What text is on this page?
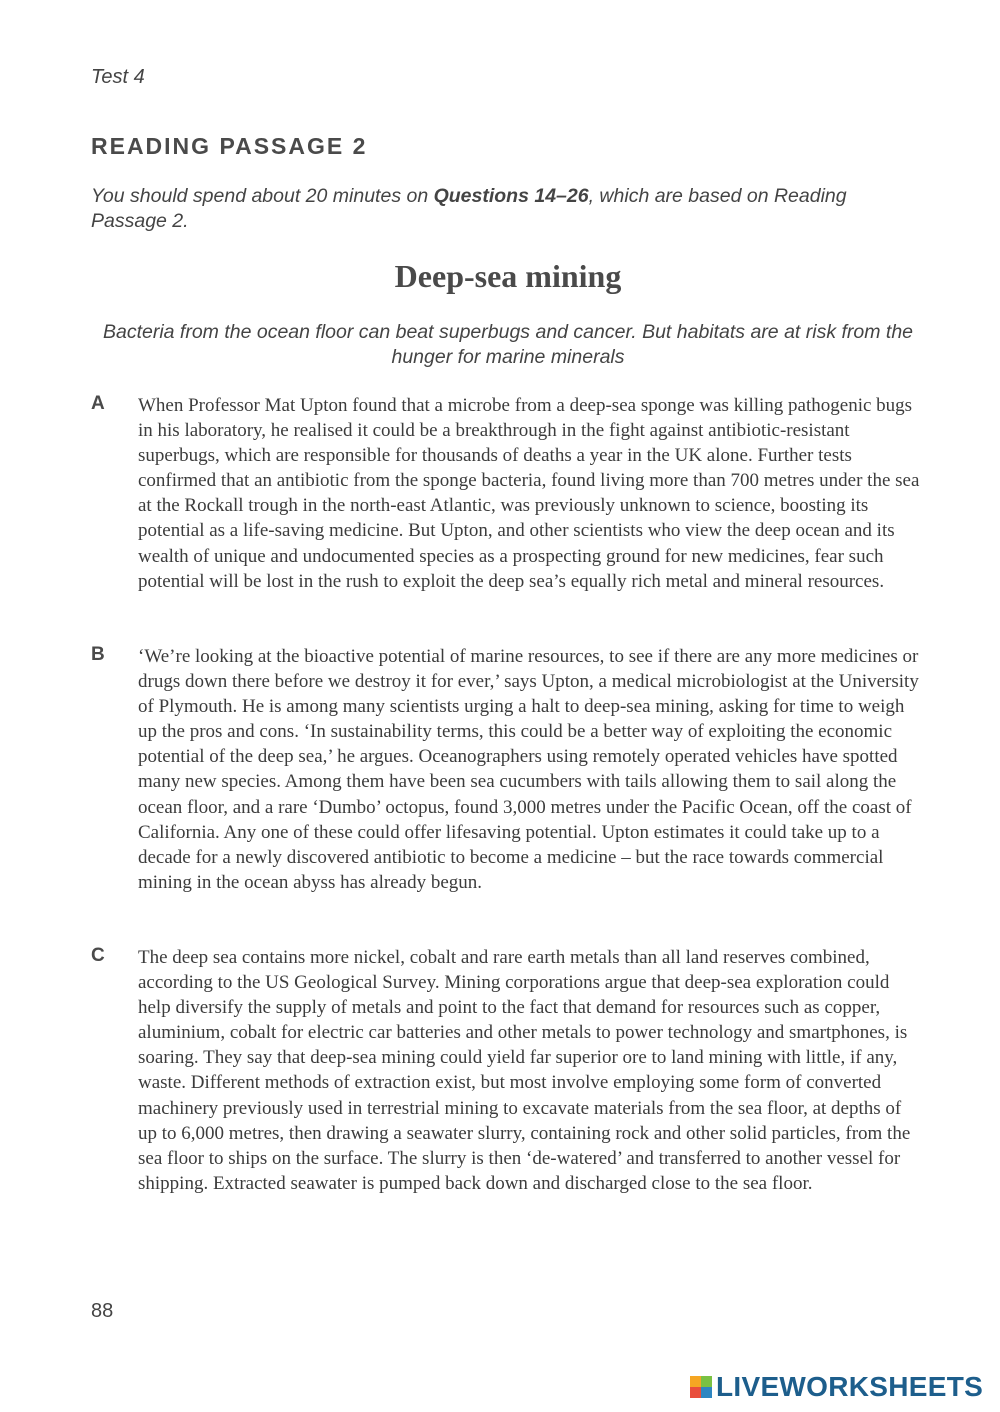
Test 4
READING PASSAGE 2
You should spend about 20 minutes on Questions 14–26, which are based on Reading Passage 2.
Deep-sea mining
Bacteria from the ocean floor can beat superbugs and cancer. But habitats are at risk from the hunger for marine minerals
A When Professor Mat Upton found that a microbe from a deep-sea sponge was killing pathogenic bugs in his laboratory, he realised it could be a breakthrough in the fight against antibiotic-resistant superbugs, which are responsible for thousands of deaths a year in the UK alone. Further tests confirmed that an antibiotic from the sponge bacteria, found living more than 700 metres under the sea at the Rockall trough in the north-east Atlantic, was previously unknown to science, boosting its potential as a life-saving medicine. But Upton, and other scientists who view the deep ocean and its wealth of unique and undocumented species as a prospecting ground for new medicines, fear such potential will be lost in the rush to exploit the deep sea’s equally rich metal and mineral resources.
B ‘We’re looking at the bioactive potential of marine resources, to see if there are any more medicines or drugs down there before we destroy it for ever,’ says Upton, a medical microbiologist at the University of Plymouth. He is among many scientists urging a halt to deep-sea mining, asking for time to weigh up the pros and cons. ‘In sustainability terms, this could be a better way of exploiting the economic potential of the deep sea,’ he argues. Oceanographers using remotely operated vehicles have spotted many new species. Among them have been sea cucumbers with tails allowing them to sail along the ocean floor, and a rare ‘Dumbo’ octopus, found 3,000 metres under the Pacific Ocean, off the coast of California. Any one of these could offer lifesaving potential. Upton estimates it could take up to a decade for a newly discovered antibiotic to become a medicine – but the race towards commercial mining in the ocean abyss has already begun.
C The deep sea contains more nickel, cobalt and rare earth metals than all land reserves combined, according to the US Geological Survey. Mining corporations argue that deep-sea exploration could help diversify the supply of metals and point to the fact that demand for resources such as copper, aluminium, cobalt for electric car batteries and other metals to power technology and smartphones, is soaring. They say that deep-sea mining could yield far superior ore to land mining with little, if any, waste. Different methods of extraction exist, but most involve employing some form of converted machinery previously used in terrestrial mining to excavate materials from the sea floor, at depths of up to 6,000 metres, then drawing a seawater slurry, containing rock and other solid particles, from the sea floor to ships on the surface. The slurry is then ‘de-watered’ and transferred to another vessel for shipping. Extracted seawater is pumped back down and discharged close to the sea floor.
88
LIVEWORKSHEETS
